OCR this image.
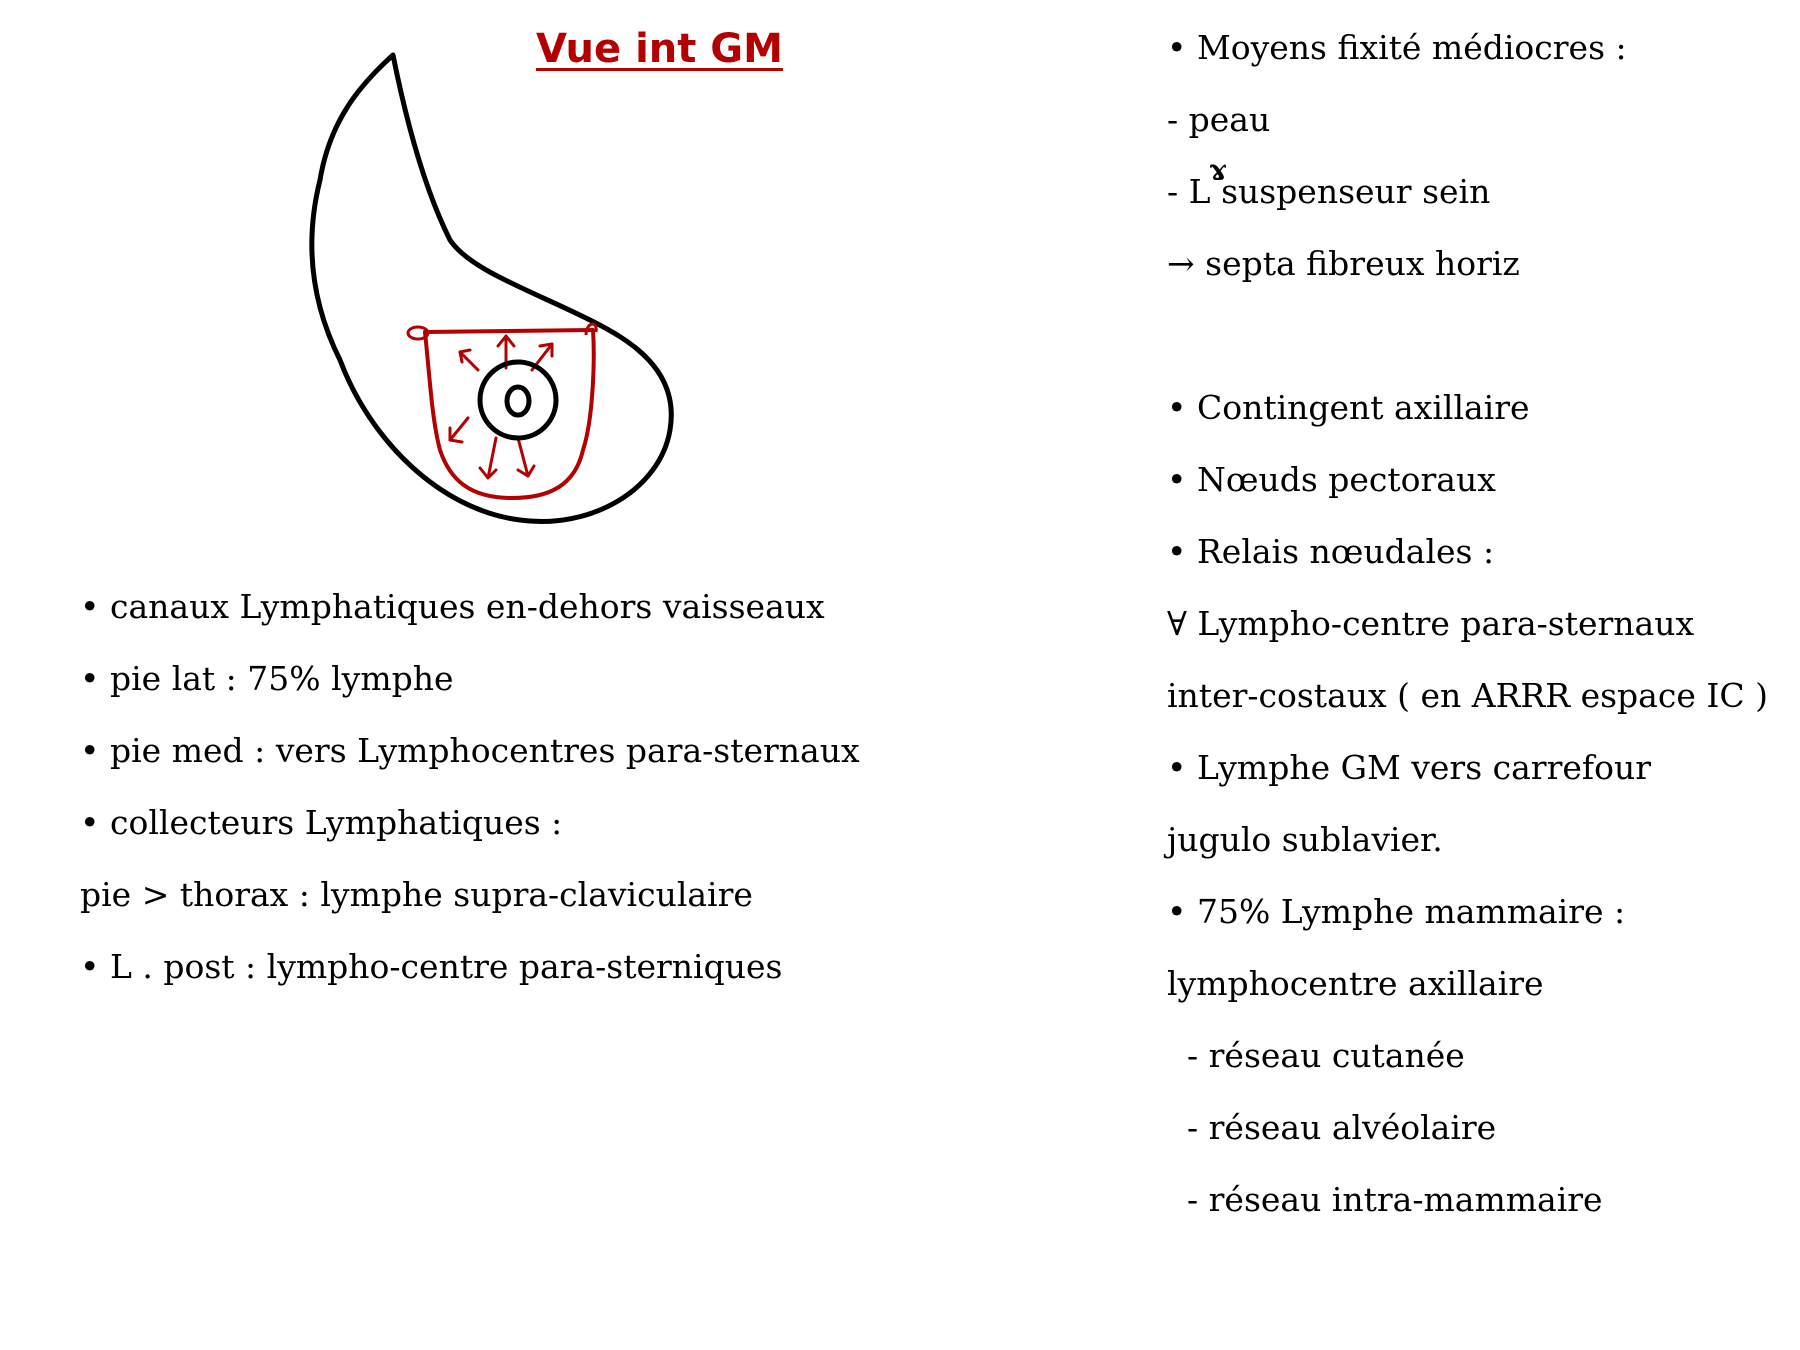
Vue int GM
• canaux Lymphatiques en-dehors vaisseaux
• pie lat : 75% lymphe
• pie med : vers Lymphocentres para-sternaux
• collecteurs Lymphatiques :
pie > thorax : lymphe supra-claviculaire
• L . post : lympho-centre para-sterniques
• Moyens fixité médiocres :
- peau
- L
ɤ
suspenseur sein
→ septa fibreux horiz
• Contingent axillaire
• Nœuds pectoraux
• Relais nœudales :
∀ Lympho-centre para-sternaux
inter-costaux ( en ARRR espace IC )
• Lymphe GM vers carrefour
jugulo sublavier.
• 75% Lymphe mammaire :
lymphocentre axillaire
- réseau cutanée
- réseau alvéolaire
- réseau intra-mammaire
